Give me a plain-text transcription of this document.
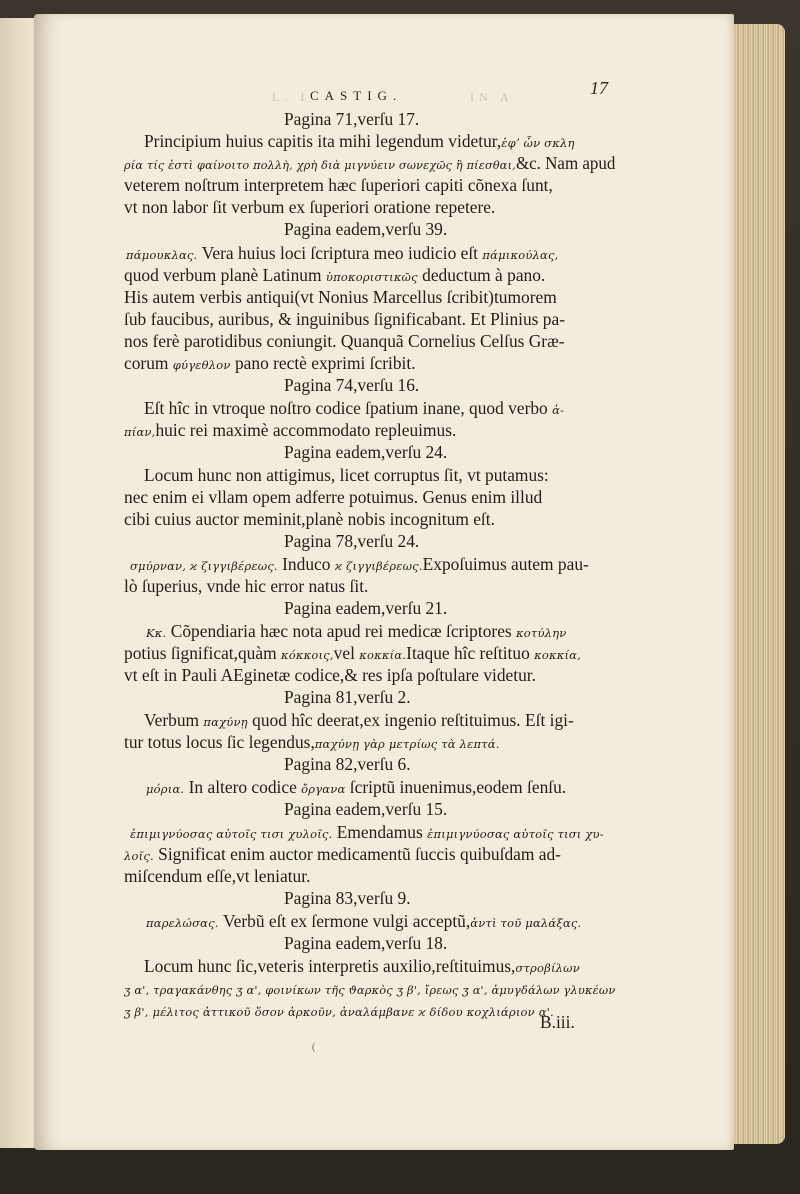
L. I CASTIG.	IN A	17
Pagina 71,verſu 17.
Principium huius capitis ita mihi legendum videtur,ἐφʼ ὧν σκλη
ρία τίς ἐστὶ φαίνοιτο πολλὴ, χρὴ διὰ μιγνύειν σωνεχῶς ἢ πίεσθαι,&c. Nam apud
veterem noſtrum interpretem hæc ſuperiori capiti cõnexa ſunt,
vt non labor ſit verbum ex ſuperiori oratione repetere.
Pagina eadem,verſu 39.
πάμουκλας. Vera huius loci ſcriptura meo iudicio eſt πάμικούλας,
quod verbum planè Latinum ὑποκοριστικῶς deductum à pano.
His autem verbis antiqui(vt Nonius Marcellus ſcribit)tumorem
ſub faucibus, auribus, & inguinibus ſignificabant. Et Plinius pa-
nos ferè parotidibus coniungit. Quanquã Cornelius Celſus Græ-
corum φύγεθλον pano rectè exprimi ſcribit.
Pagina 74,verſu 16.
Eſt hîc in vtroque noſtro codice ſpatium inane, quod verbo ἀ-
πίαν,huic rei maximè accommodato repleuimus.
Pagina eadem,verſu 24.
Locum hunc non attigimus, licet corruptus ſit, vt putamus:
nec enim ei vllam opem adferre potuimus. Genus enim illud
cibi cuius auctor meminit,planè nobis incognitum eſt.
Pagina 78,verſu 24.
σμύρναν, ϰ ζιγγιβέρεως. Induco ϰ ζιγγιβέρεως.Expoſuimus autem pau-
lò ſuperius, vnde hic error natus ſit.
Pagina eadem,verſu 21.
Κκ. Cõpendiaria hæc nota apud rei medicæ ſcriptores κοτύλην
potius ſignificat,quàm κόκκοις,vel κοκκία.Itaque hîc reſtituo κοκκία,
vt eſt in Pauli AEginetæ codice,& res ipſa poſtulare videtur.
Pagina 81,verſu 2.
Verbum παχύνῃ quod hîc deerat,ex ingenio reſtituimus. Eſt igi-
tur totus locus ſic legendus,παχύνῃ γὰρ μετρίως τὰ λεπτά.
Pagina 82,verſu 6.
μόρια. In altero codice ὄργανα ſcriptũ inuenimus,eodem ſenſu.
Pagina eadem,verſu 15.
ἐπιμιγνύοσας αὐτοῖς τισι χυλοῖς. Emendamus ἐπιμιγνύοσας αὐτοῖς τισι χυ-
λοῖς. Significat enim auctor medicamentũ ſuccis quibuſdam ad-
miſcendum eſſe,vt leniatur.
Pagina 83,verſu 9.
παρελώσας. Verbũ eſt ex ſermone vulgi acceptũ,ἀντὶ τοῦ μαλάξας.
Pagina eadem,verſu 18.
Locum hunc ſic,veteris interpretis auxilio,reſtituimus,στροβίλων
ʒ α', τραγακάνθης ʒ α', φοινίκων τῆς ϑαρκὸς ʒ β', ἴρεως ʒ α', ἀμυγδάλων γλυκέων
ʒ β', μέλιτος ἀττικοῦ ὅσον ἀρκοῦν, ἀναλάμβανε ϰ δίδου κοχλιάριον α'.
B.iii.
(
